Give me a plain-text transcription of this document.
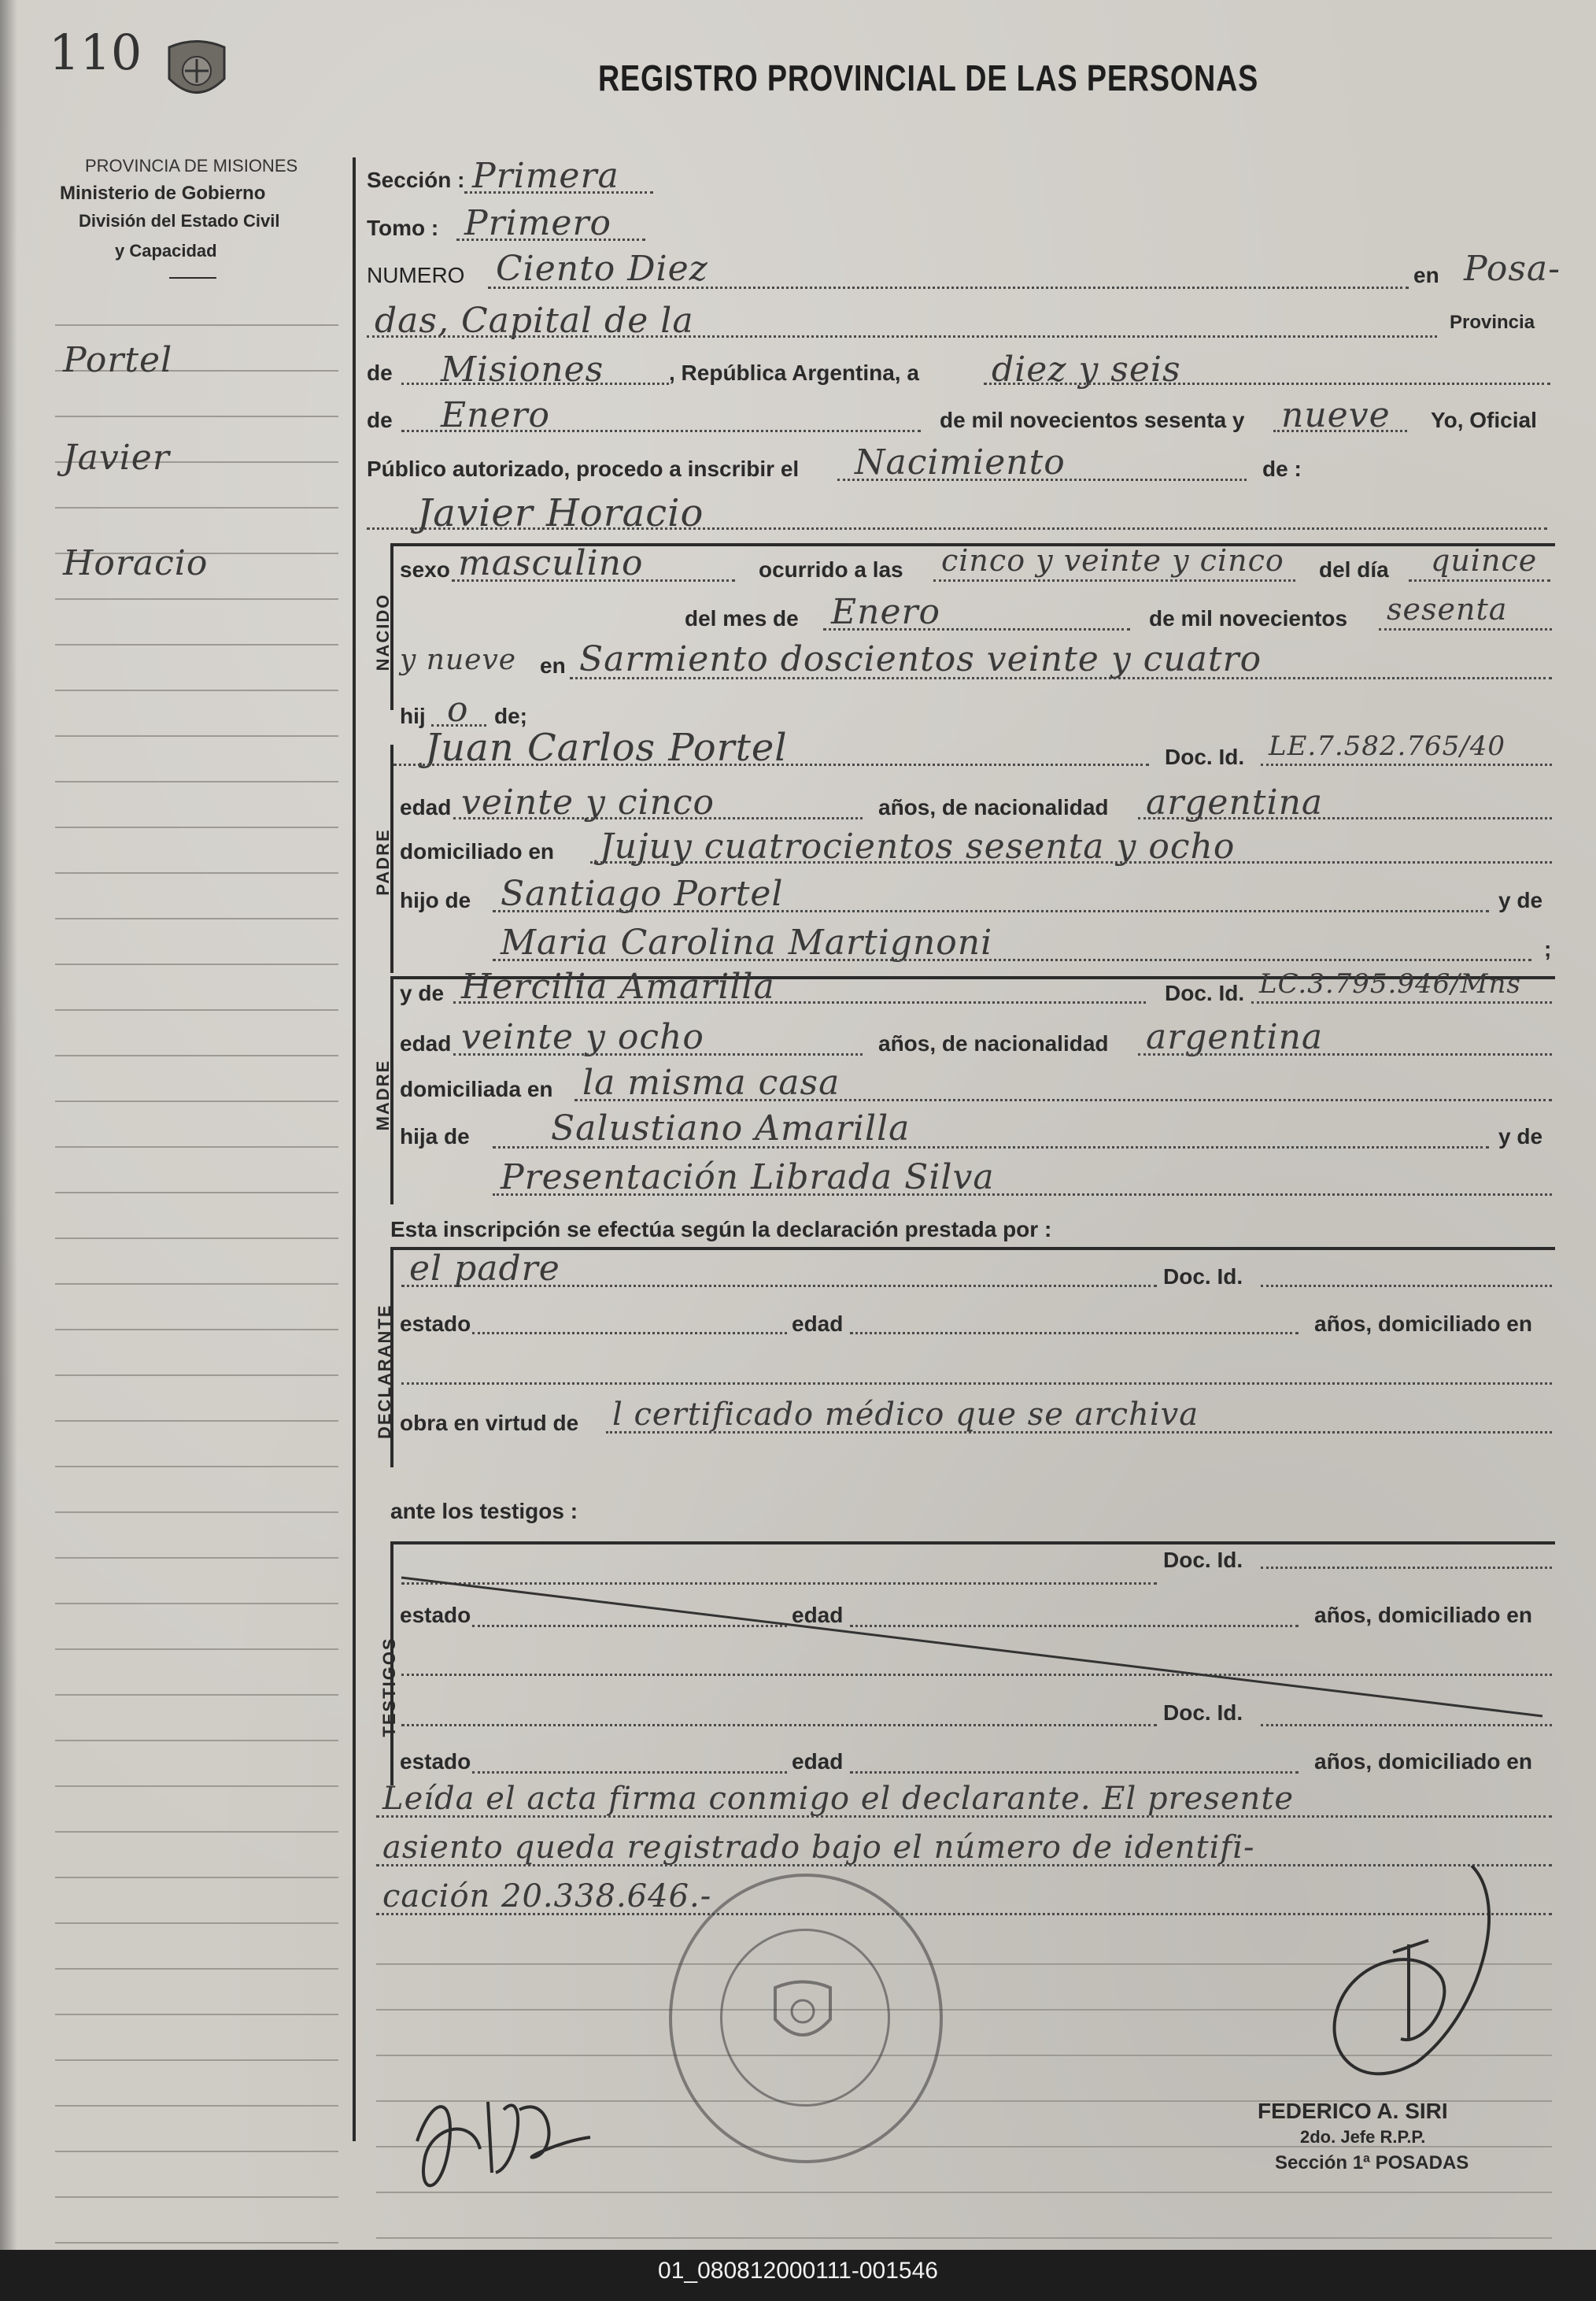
110	REGISTRO PROVINCIAL DE LAS PERSONAS
PROVINCIA DE MISIONES
Ministerio de Gobierno
División del Estado Civil
y Capacidad
Portel
Javier
Horacio
Sección : Primera
Tomo : Primero
NUMERO Ciento Diez	en Posa-
das, Capital de la	Provincia
de Misiones	, República Argentina, a diez y seis
de Enero	de mil novecientos sesenta y nueve Yo, Oficial
Público autorizado, procedo a inscribir el Nacimiento	de :
Javier Horacio
NACIDO
sexo masculino	ocurrido a las cinco y veinte y cinco del día quince
del mes de Enero	de mil novecientos sesenta
y nueve en Sarmiento doscientos veinte y cuatro
hij o de;
Juan Carlos Portel	Doc. Id. LE.7.582.765/40
PADRE
edad veinte y cinco	años, de nacionalidad argentina
domiciliado en Jujuy cuatrocientos sesenta y ocho
hijo de Santiago Portel	y de
Maria Carolina Martignoni	;
MADRE
y de Hercilia Amarilla	Doc. Id. LC.3.795.946/Mns
edad veinte y ocho	años, de nacionalidad argentina
domiciliada en la misma casa
hija de Salustiano Amarilla	y de
Presentación Librada Silva
Esta inscripción se efectúa según la declaración prestada por :
DECLARANTE
el padre	Doc. Id.
estado	edad	años, domiciliado en
obra en virtud de l certificado médico que se archiva
ante los testigos :
TESTIGOS
Doc. Id.
estado	edad	años, domiciliado en
Doc. Id.
estado	edad	años, domiciliado en
Leída el acta firma conmigo el declarante. El presente
asiento queda registrado bajo el número de identifi-
cación 20.338.646.-
FEDERICO A. SIRI
2do. Jefe R.P.P.
Sección 1ª POSADAS
01_080812000111-001546
